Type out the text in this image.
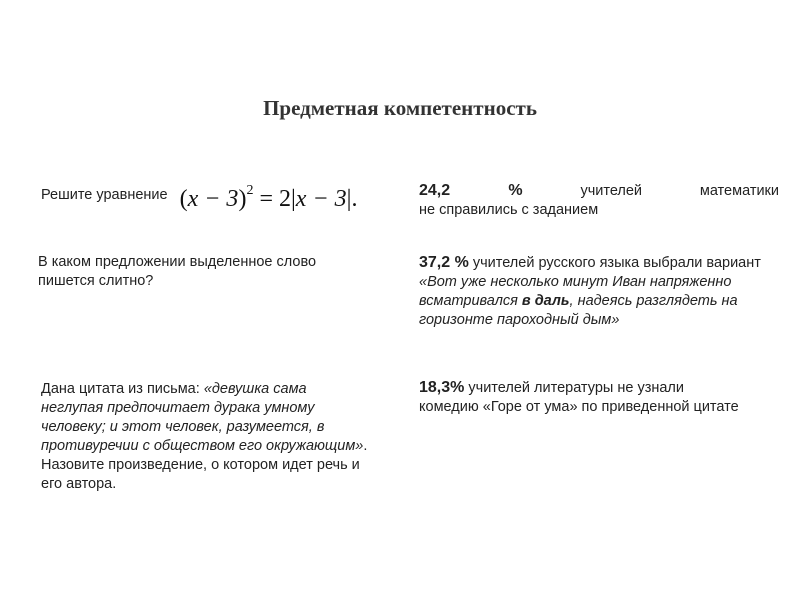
Предметная компетентность
Решите уравнение $(x - 3)^2 = 2|x - 3|$.	24,2 %	учителей математики
не справились с заданием
В каком предложении выделенное слово пишется слитно?
37,2 % учителей русского языка выбрали вариант
«Вот уже несколько минут Иван напряженно всматривался в даль, надеясь разглядеть на горизонте пароходный дым»
Дана цитата из письма: «девушка сама неглупая предпочитает дурака умному человеку; и этот человек, разумеется, в противуречии с обществом его окружающим». Назовите произведение, о котором идет речь и его автора.
18,3% учителей литературы не узнали комедию «Горе от ума» по приведенной цитате
